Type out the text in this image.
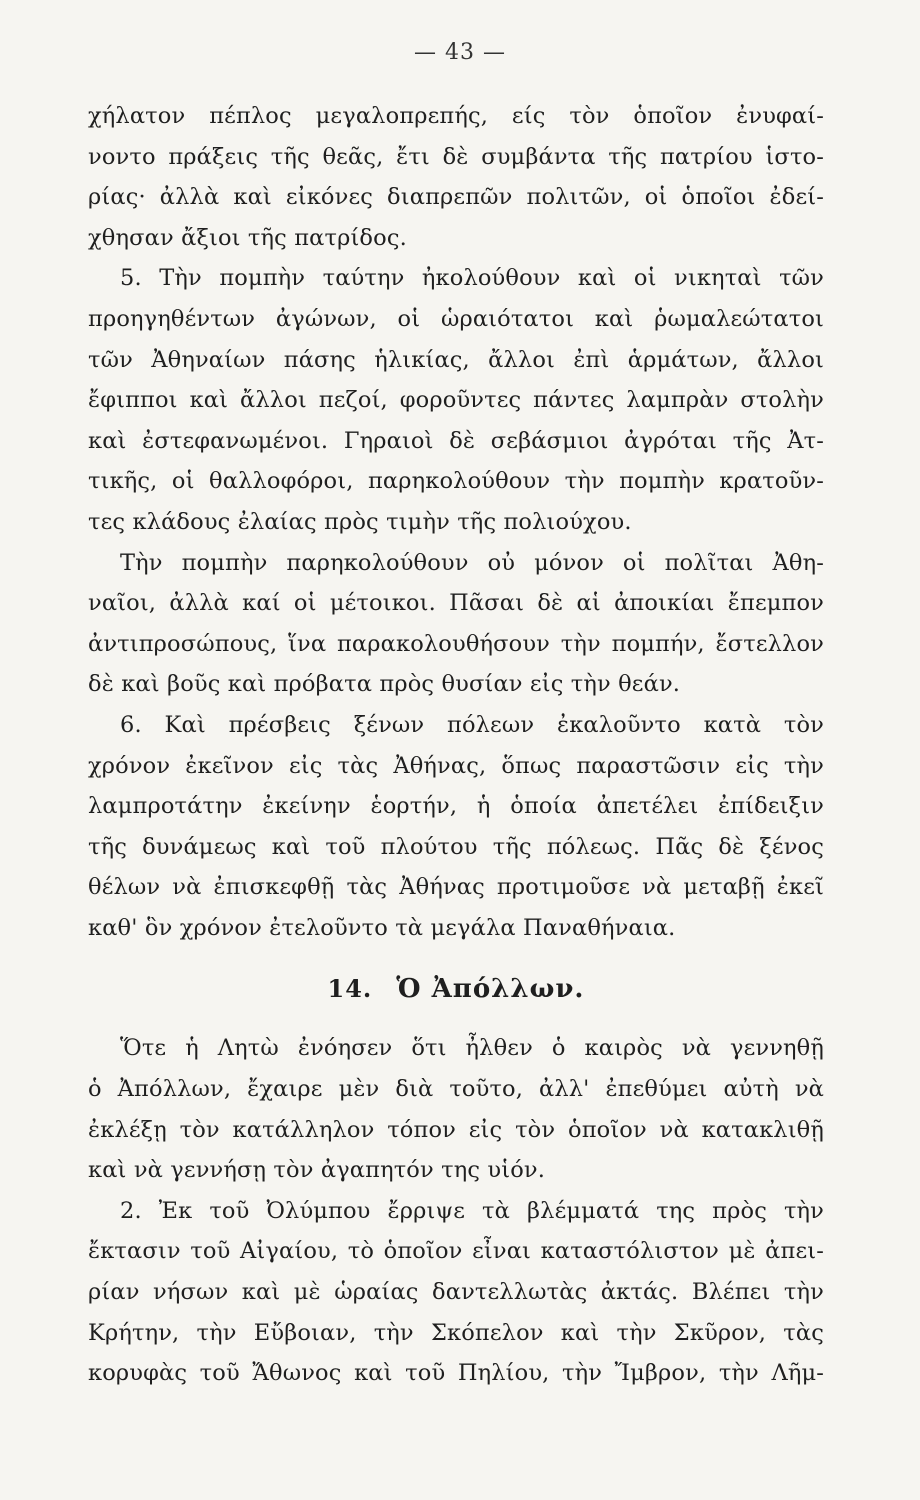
— 43 —
χήλατον πέπλος μεγαλοπρεπής, είς τὸν ὁποῖον ἐνυφαί-
νοντο πράξεις τῆς θεᾶς, ἔτι δὲ συμβάντα τῆς πατρίου ἱστο-
ρίας· ἀλλὰ καὶ εἰκόνες διαπρεπῶν πολιτῶν, οἱ ὁποῖοι ἐδεί-
χθησαν ἄξιοι τῆς πατρίδος.
5. Τὴν πομπὴν ταύτην ἠκολούθουν καὶ οἱ νικηταὶ τῶν
προηγηθέντων ἀγώνων, οἱ ὡραιότατοι καὶ ῥωμαλεώτατοι
τῶν Ἀθηναίων πάσης ἡλικίας, ἄλλοι ἐπὶ ἁρμάτων, ἄλλοι
ἔφιπποι καὶ ἄλλοι πεζοί, φοροῦντες πάντες λαμπρὰν στολὴν
καὶ ἐστεφανωμένοι. Γηραιοὶ δὲ σεβάσμιοι ἀγρόται τῆς Ἀτ-
τικῆς, οἱ θαλλοφόροι, παρηκολούθουν τὴν πομπὴν κρατοῦν-
τες κλάδους ἐλαίας πρὸς τιμὴν τῆς πολιούχου.
Τὴν πομπὴν παρηκολούθουν οὐ μόνον οἱ πολῖται Ἀθη-
ναῖοι, ἀλλὰ καί οἱ μέτοικοι. Πᾶσαι δὲ αἱ ἀποικίαι ἔπεμπον
ἀντιπροσώπους, ἵνα παρακολουθήσουν τὴν πομπήν, ἔστελλον
δὲ καὶ βοῦς καὶ πρόβατα πρὸς θυσίαν εἰς τὴν θεάν.
6. Καὶ πρέσβεις ξένων πόλεων ἐκαλοῦντο κατὰ τὸν
χρόνον ἐκεῖνον εἰς τὰς Ἀθήνας, ὅπως παραστῶσιν εἰς τὴν
λαμπροτάτην ἐκείνην ἑορτήν, ἡ ὁποία ἀπετέλει ἐπίδειξιν
τῆς δυνάμεως καὶ τοῦ πλούτου τῆς πόλεως. Πᾶς δὲ ξένος
θέλων νὰ ἐπισκεφθῇ τὰς Ἀθήνας προτιμοῦσε νὰ μεταβῇ ἐκεῖ
καθ' ὃν χρόνον ἐτελοῦντο τὰ μεγάλα Παναθήναια.
14. Ὁ Ἀπόλλων.
Ὅτε ἡ Λητὼ ἐνόησεν ὅτι ἦλθεν ὁ καιρὸς νὰ γεννηθῇ
ὁ Ἀπόλλων, ἔχαιρε μὲν διὰ τοῦτο, ἀλλ' ἐπεθύμει αὐτὴ νὰ
ἐκλέξῃ τὸν κατάλληλον τόπον εἰς τὸν ὁποῖον νὰ κατακλιθῇ
καὶ νὰ γεννήσῃ τὸν ἀγαπητόν της υἱόν.
2. Ἐκ τοῦ Ὀλύμπου ἔρριψε τὰ βλέμματά της πρὸς τὴν
ἔκτασιν τοῦ Αἰγαίου, τὸ ὁποῖον εἶναι καταστόλιστον μὲ ἀπει-
ρίαν νήσων καὶ μὲ ὡραίας δαντελλωτὰς ἀκτάς. Βλέπει τὴν
Κρήτην, τὴν Εὔβοιαν, τὴν Σκόπελον καὶ τὴν Σκῦρον, τὰς
κορυφὰς τοῦ Ἄθωνος καὶ τοῦ Πηλίου, τὴν Ἴμβρον, τὴν Λῆμ-
